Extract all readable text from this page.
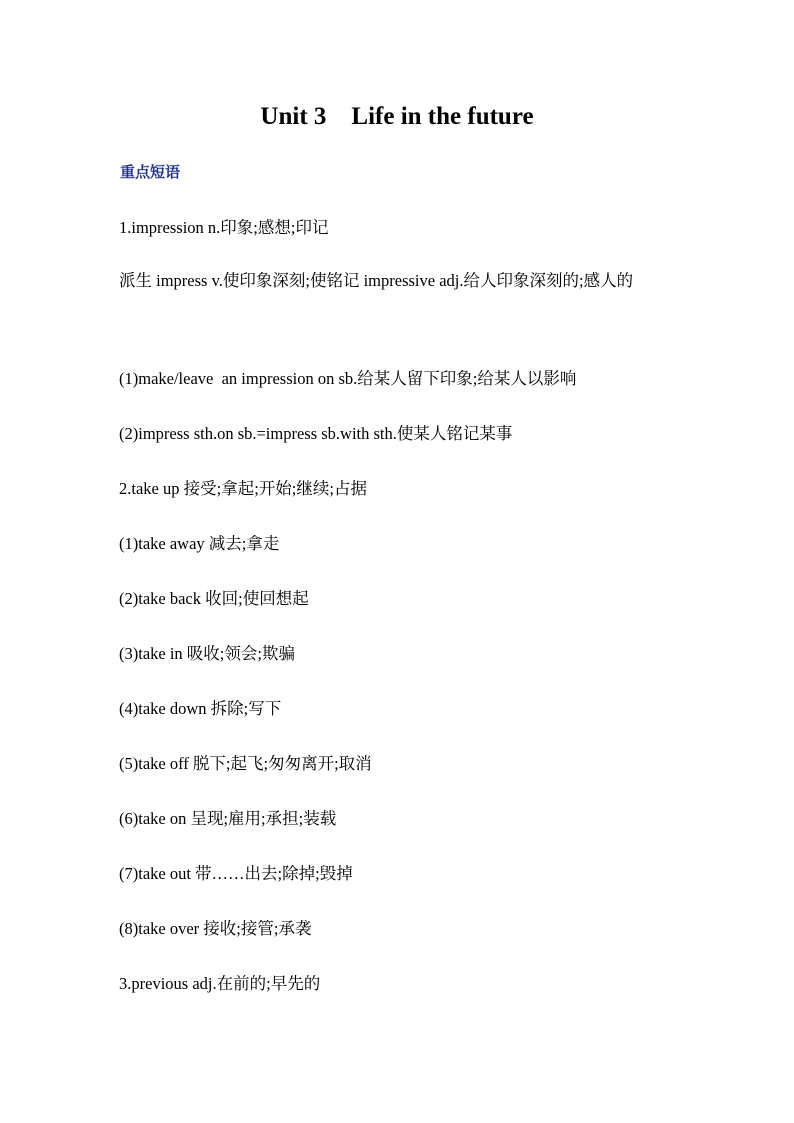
Unit 3    Life in the future
重点短语
1.impression n.印象;感想;印记
派生 impress v.使印象深刻;使铭记 impressive adj.给人印象深刻的;感人的
(1)make/leave  an impression on sb.给某人留下印象;给某人以影响
(2)impress sth.on sb.=impress sb.with sth.使某人铭记某事
2.take up 接受;拿起;开始;继续;占据
(1)take away 减去;拿走
(2)take back 收回;使回想起
(3)take in 吸收;领会;欺骗
(4)take down 拆除;写下
(5)take off 脱下;起飞;匆匆离开;取消
(6)take on 呈现;雇用;承担;装载
(7)take out 带……出去;除掉;毁掉
(8)take over 接收;接管;承袭
3.previous adj.在前的;早先的
